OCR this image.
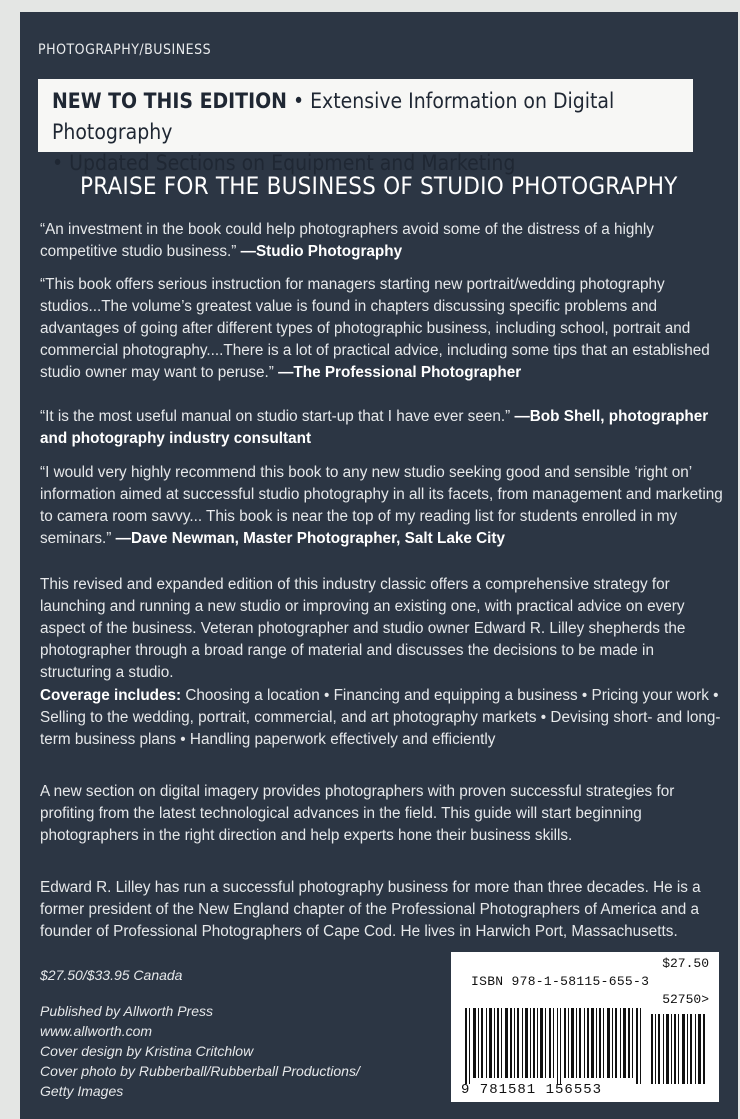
PHOTOGRAPHY/BUSINESS
NEW TO THIS EDITION • Extensive Information on Digital Photography
• Updated Sections on Equipment and Marketing
PRAISE FOR THE BUSINESS OF STUDIO PHOTOGRAPHY
“An investment in the book could help photographers avoid some of the distress of a highly competitive studio business.” —Studio Photography
“This book offers serious instruction for managers starting new portrait/wedding photography studios...The volume’s greatest value is found in chapters discussing specific problems and advantages of going after different types of photographic business, including school, portrait and commercial photography....There is a lot of practical advice, including some tips that an established studio owner may want to peruse.” —The Professional Photographer
“It is the most useful manual on studio start-up that I have ever seen.” —Bob Shell, photographer and photography industry consultant
“I would very highly recommend this book to any new studio seeking good and sensible ‘right on’ information aimed at successful studio photography in all its facets, from management and marketing to camera room savvy... This book is near the top of my reading list for students enrolled in my seminars.” —Dave Newman, Master Photographer, Salt Lake City
This revised and expanded edition of this industry classic offers a comprehensive strategy for launching and running a new studio or improving an existing one, with practical advice on every aspect of the business. Veteran photographer and studio owner Edward R. Lilley shepherds the photographer through a broad range of material and discusses the decisions to be made in structuring a studio.
Coverage includes: Choosing a location • Financing and equipping a business • Pricing your work • Selling to the wedding, portrait, commercial, and art photography markets • Devising short- and long-term business plans • Handling paperwork effectively and efficiently
A new section on digital imagery provides photographers with proven successful strategies for profiting from the latest technological advances in the field. This guide will start beginning photographers in the right direction and help experts hone their business skills.
Edward R. Lilley has run a successful photography business for more than three decades. He is a former president of the New England chapter of the Professional Photographers of America and a founder of Professional Photographers of Cape Cod. He lives in Harwich Port, Massachusetts.
$27.50/$33.95 Canada
Published by Allworth Press
www.allworth.com
Cover design by Kristina Critchlow
Cover photo by Rubberball/Rubberball Productions/
Getty Images
$27.50
ISBN 978-1-58115-655-3
52750>
9 781581 156553
